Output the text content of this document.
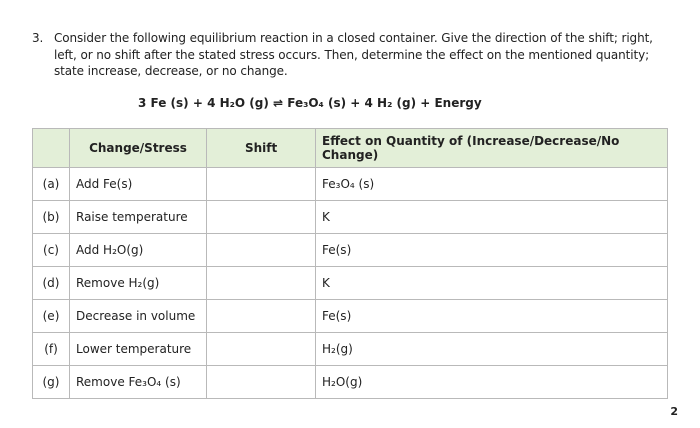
3. Consider the following equilibrium reaction in a closed container. Give the direction of the shift; right, left, or no shift after the stated stress occurs. Then, determine the effect on the mentioned quantity; state increase, decrease, or no change.
3 Fe (s) + 4 H₂O (g) ⇌ Fe₃O₄ (s) + 4 H₂ (g) + Energy
	Change/Stress	Shift	Effect on Quantity of (Increase/Decrease/No Change)
(a)	Add Fe(s)		Fe₃O₄ (s)
(b)	Raise temperature		K
(c)	Add H₂O(g)		Fe(s)
(d)	Remove H₂(g)		K
(e)	Decrease in volume		Fe(s)
(f)	Lower temperature		H₂(g)
(g)	Remove Fe₃O₄ (s)		H₂O(g)
2
